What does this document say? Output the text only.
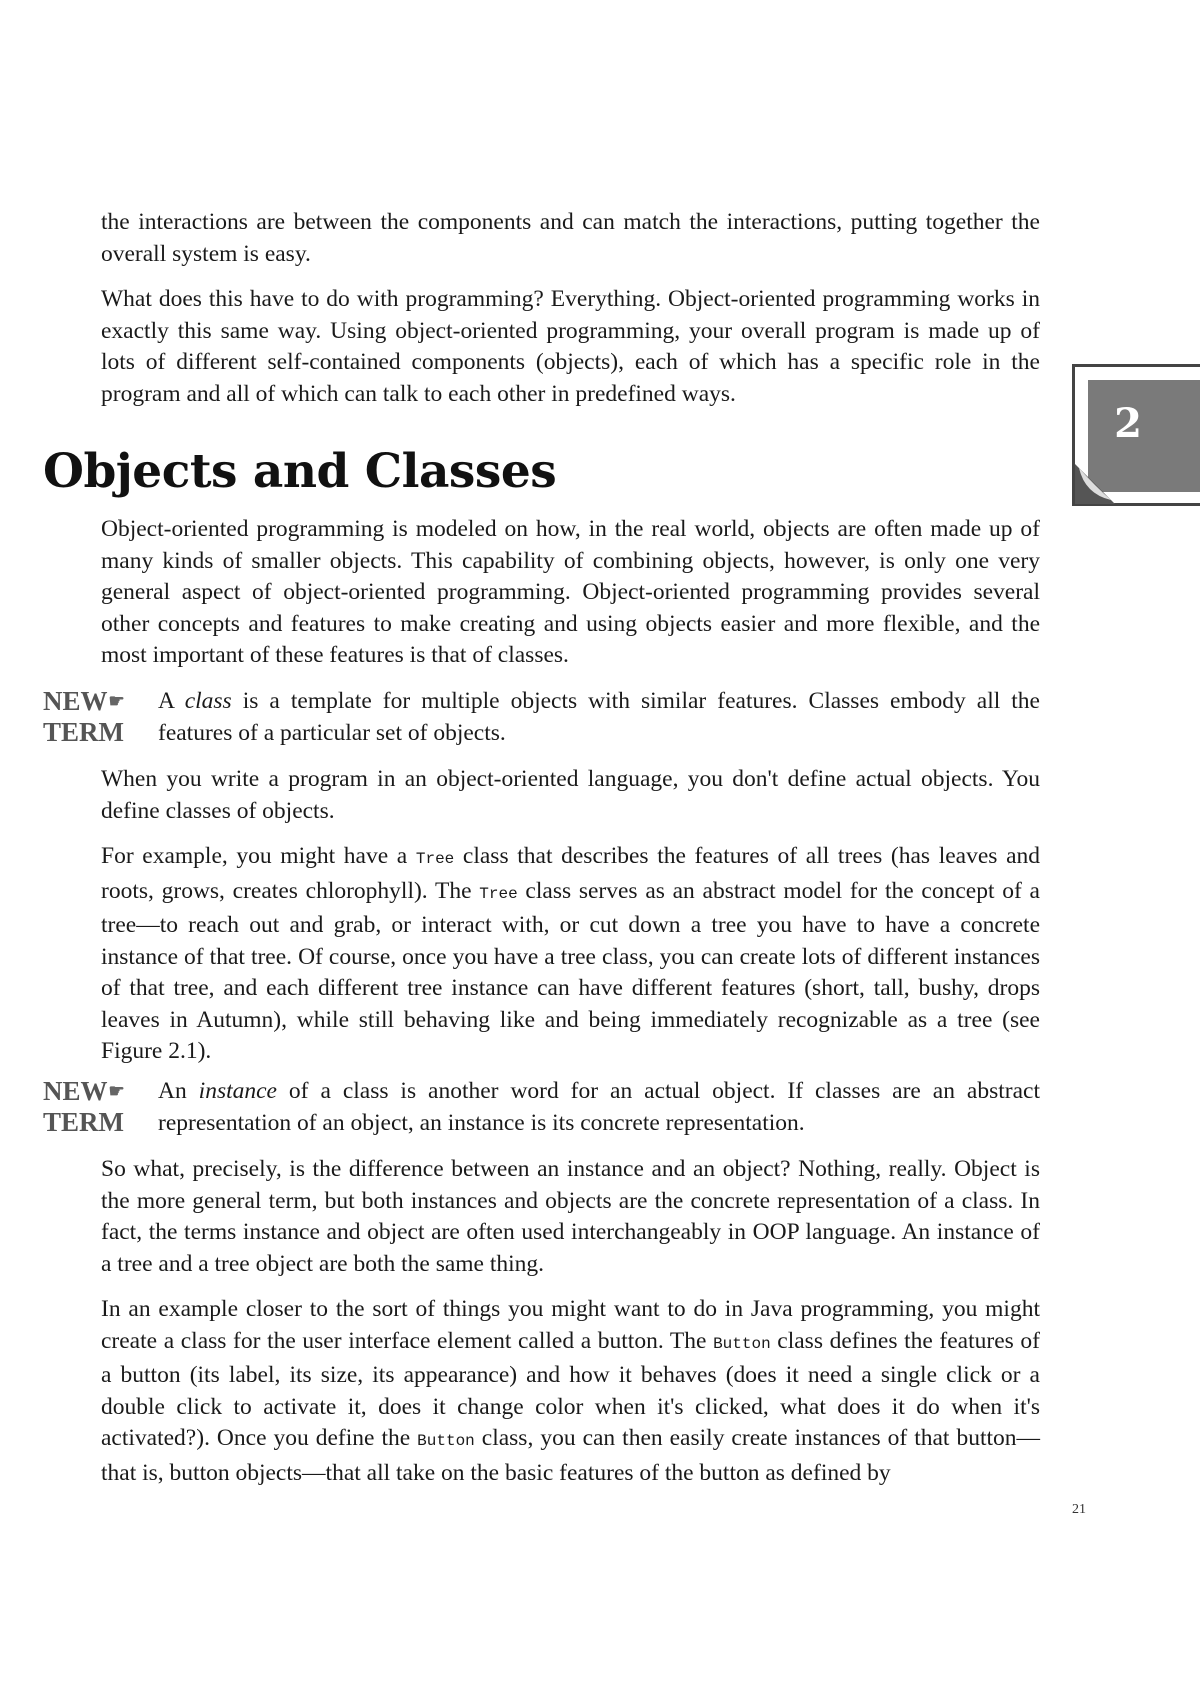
the interactions are between the components and can match the interactions, putting together the overall system is easy.

What does this have to do with programming? Everything. Object-oriented programming works in exactly this same way. Using object-oriented programming, your overall program is made up of lots of different self-contained components (objects), each of which has a specific role in the program and all of which can talk to each other in predefined ways.

2
Objects and Classes

Object-oriented programming is modeled on how, in the real world, objects are often made up of many kinds of smaller objects. This capability of combining objects, however, is only one very general aspect of object-oriented programming. Object-oriented programming provides several other concepts and features to make creating and using objects easier and more flexible, and the most important of these features is that of classes.

NEW☛
TERM

A class is a template for multiple objects with similar features. Classes embody all the features of a particular set of objects.

When you write a program in an object-oriented language, you don't define actual objects. You define classes of objects.

For example, you might have a Tree class that describes the features of all trees (has leaves and roots, grows, creates chlorophyll). The Tree class serves as an abstract model for the concept of a tree—to reach out and grab, or interact with, or cut down a tree you have to have a concrete instance of that tree. Of course, once you have a tree class, you can create lots of different instances of that tree, and each different tree instance can have different features (short, tall, bushy, drops leaves in Autumn), while still behaving like and being immediately recognizable as a tree (see Figure 2.1).

NEW☛
TERM

An instance of a class is another word for an actual object. If classes are an abstract representation of an object, an instance is its concrete representation.

So what, precisely, is the difference between an instance and an object? Nothing, really. Object is the more general term, but both instances and objects are the concrete representation of a class. In fact, the terms instance and object are often used interchangeably in OOP language. An instance of a tree and a tree object are both the same thing.

In an example closer to the sort of things you might want to do in Java programming, you might create a class for the user interface element called a button. The Button class defines the features of a button (its label, its size, its appearance) and how it behaves (does it need a single click or a double click to activate it, does it change color when it's clicked, what does it do when it's activated?). Once you define the Button class, you can then easily create instances of that button—that is, button objects—that all take on the basic features of the button as defined by

21
